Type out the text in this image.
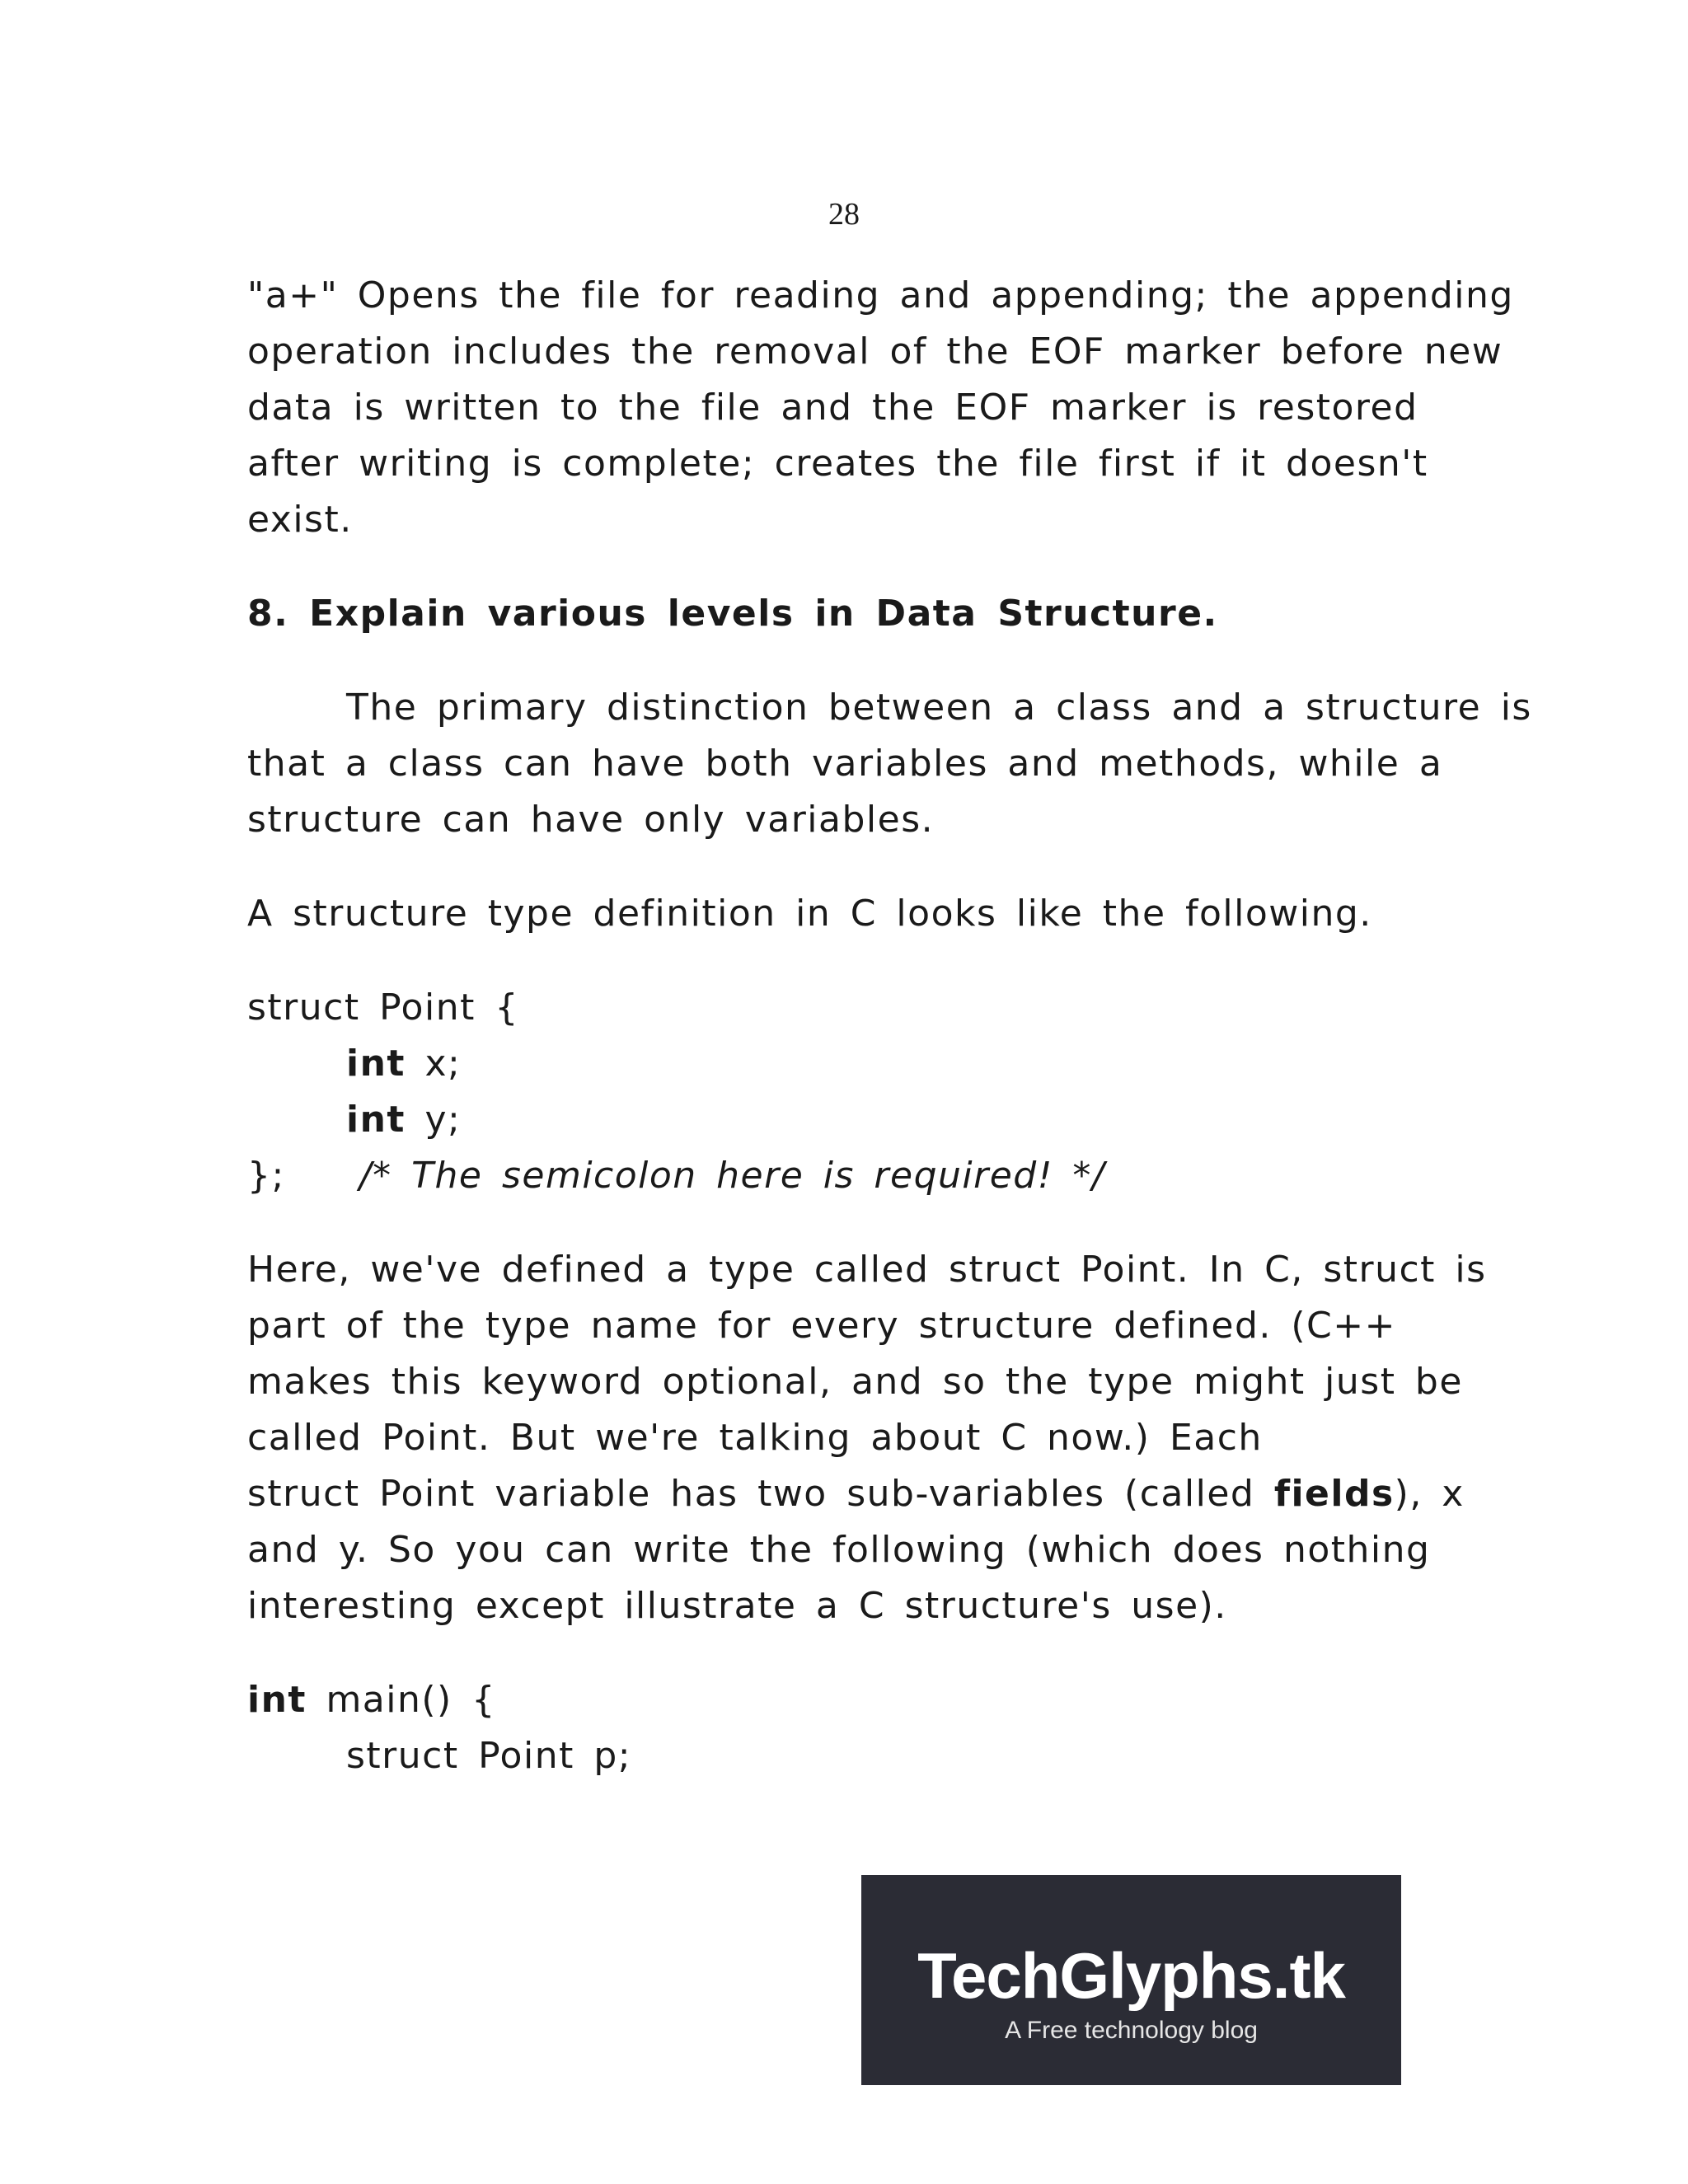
28
"a+" Opens the file for reading and appending; the appending
operation includes the removal of the EOF marker before new
data is written to the file and the EOF marker is restored
after writing is complete; creates the file first if it doesn't
exist.
8. Explain various levels in Data Structure.
The primary distinction between a class and a structure is
that a class can have both variables and methods, while a
structure can have only variables.
A structure type definition in C looks like the following.
struct Point {
int x;
int y;
}; /* The semicolon here is required! */
Here, we've defined a type called struct Point. In C, struct is
part of the type name for every structure defined. (C++
makes this keyword optional, and so the type might just be
called Point. But we're talking about C now.) Each
struct Point variable has two sub-variables (called fields), x
and y. So you can write the following (which does nothing
interesting except illustrate a C structure's use).
int main() {
struct Point p;
TechGlyphs.tk
A Free technology blog
